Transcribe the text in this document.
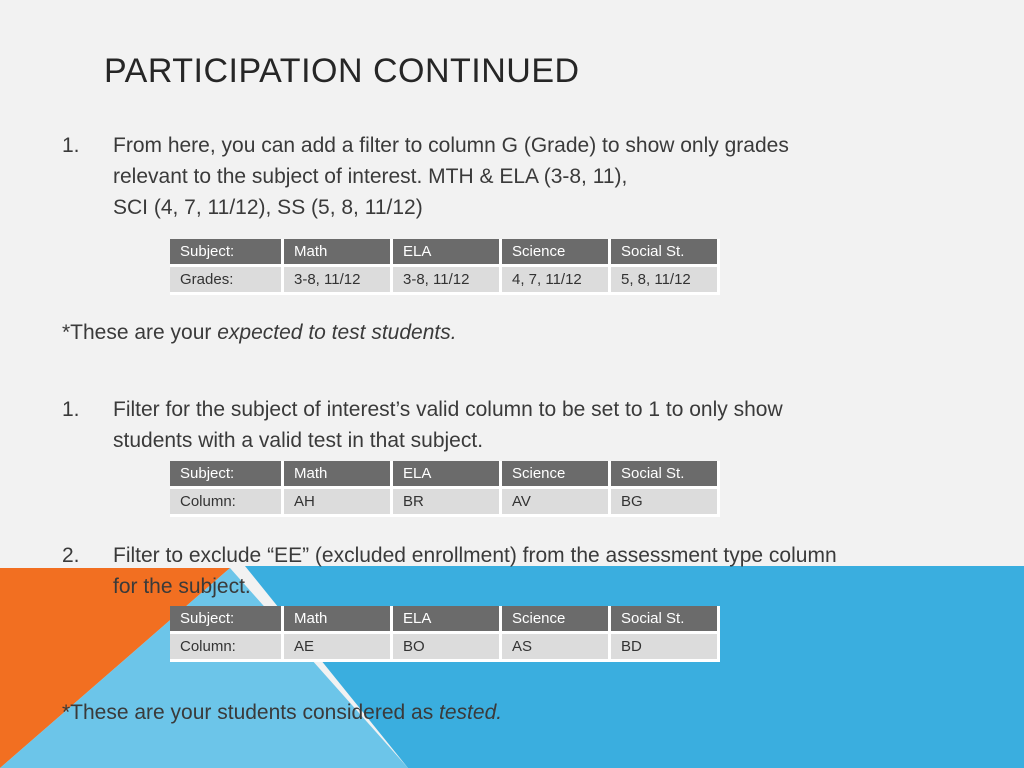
PARTICIPATION CONTINUED
1. From here, you can add a filter to column G (Grade) to show only grades
relevant to the subject of interest. MTH & ELA (3-8, 11),
SCI (4, 7, 11/12), SS (5, 8, 11/12)
Subject:	Math	ELA	Science	Social St.
Grades:	3-8, 11/12	3-8, 11/12	4, 7, 11/12	5, 8, 11/12
*These are your expected to test students.
1. Filter for the subject of interest’s valid column to be set to 1 to only show
students with a valid test in that subject.
Subject:	Math	ELA	Science	Social St.
Column:	AH	BR	AV	BG
2. Filter to exclude “EE” (excluded enrollment) from the assessment type column
for the subject.
Subject:	Math	ELA	Science	Social St.
Column:	AE	BO	AS	BD
*These are your students considered as tested.
